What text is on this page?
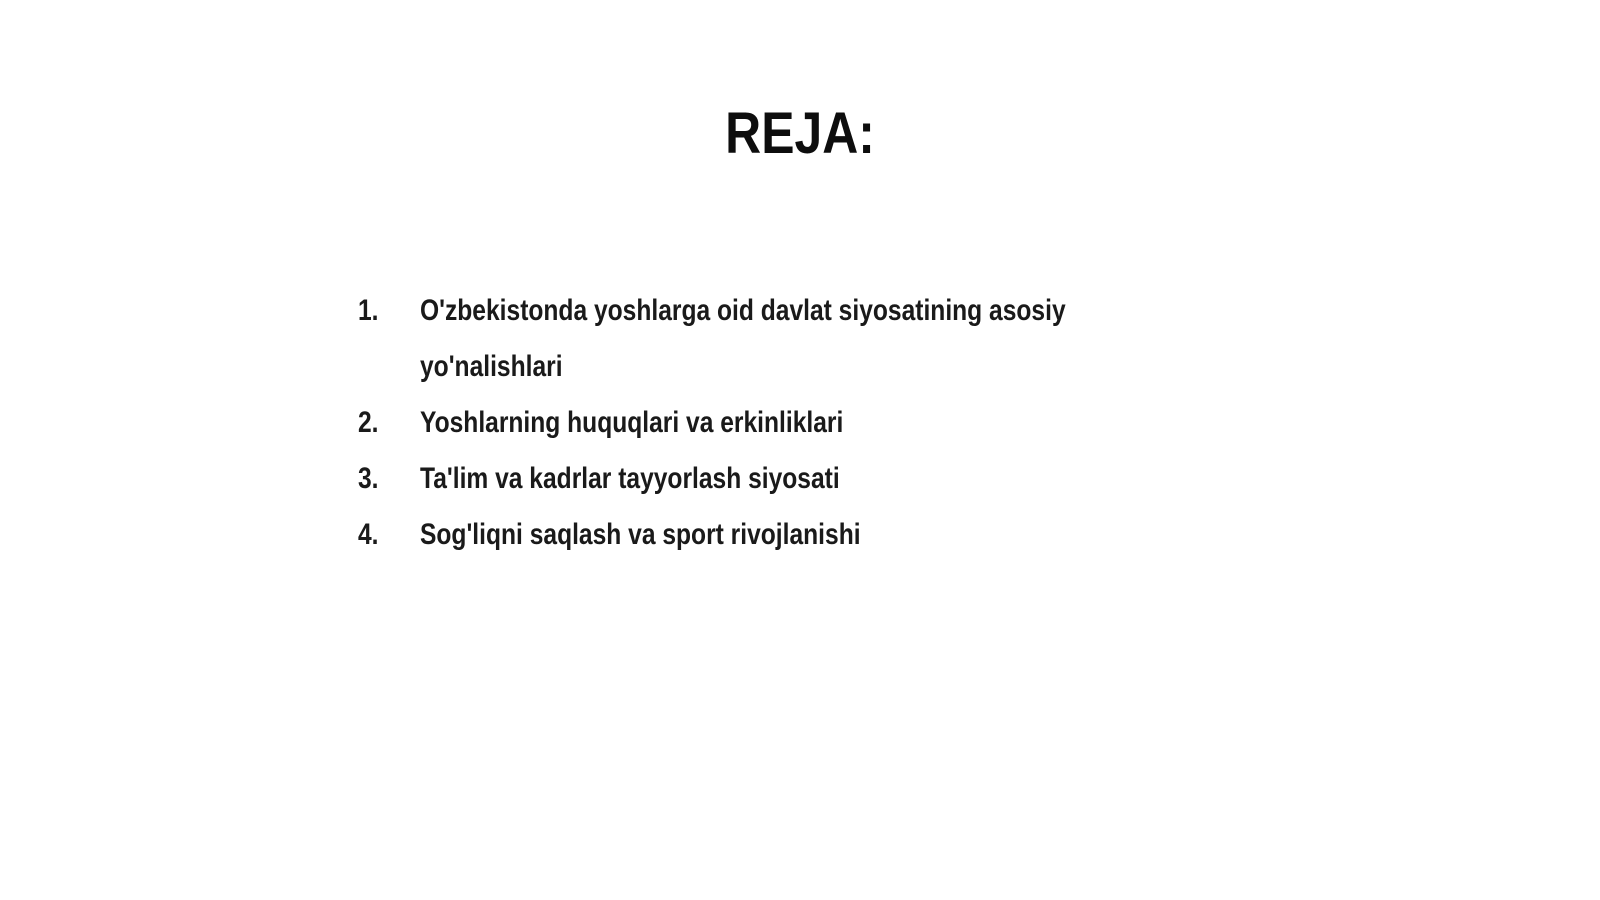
REJA:
1.	O'zbekistonda yoshlarga oid davlat siyosatining asosiy
yo'nalishlari
2.	Yoshlarning huquqlari va erkinliklari
3.	Ta'lim va kadrlar tayyorlash siyosati
4.	Sog'liqni saqlash va sport rivojlanishi
